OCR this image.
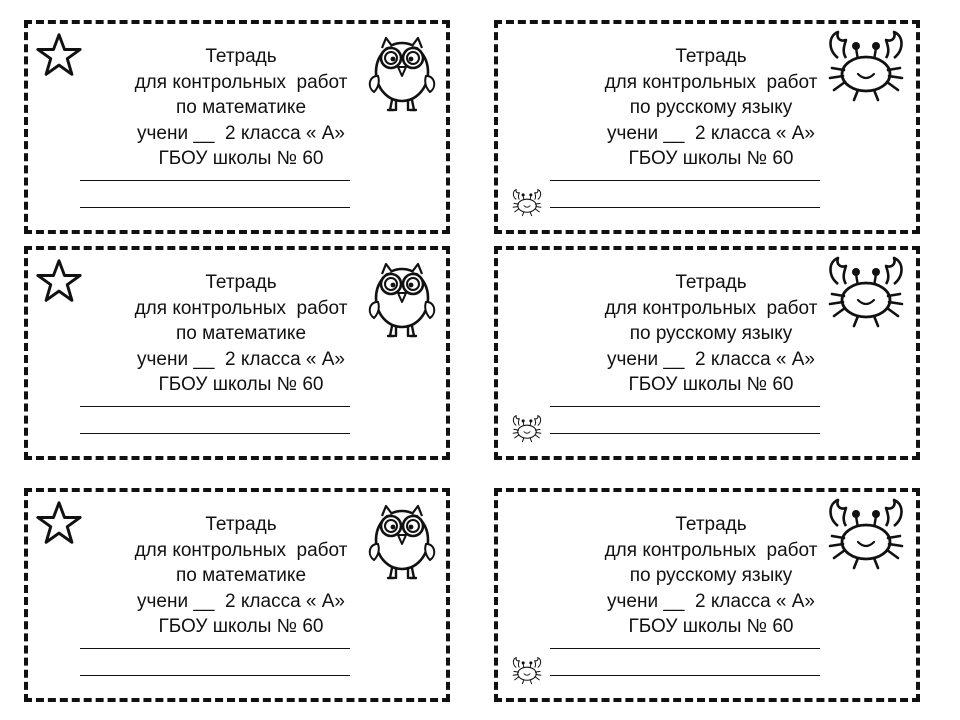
Тетрадь
для контрольных  работ
по математике
учени __  2 класса « А»
ГБОУ школы № 60
Тетрадь
для контрольных  работ
по математике
учени __  2 класса « А»
ГБОУ школы № 60
Тетрадь
для контрольных  работ
по математике
учени __  2 класса « А»
ГБОУ школы № 60
Тетрадь
для контрольных  работ
по русскому языку
учени __  2 класса « А»
ГБОУ школы № 60
Тетрадь
для контрольных  работ
по русскому языку
учени __  2 класса « А»
ГБОУ школы № 60
Тетрадь
для контрольных  работ
по русскому языку
учени __  2 класса « А»
ГБОУ школы № 60
